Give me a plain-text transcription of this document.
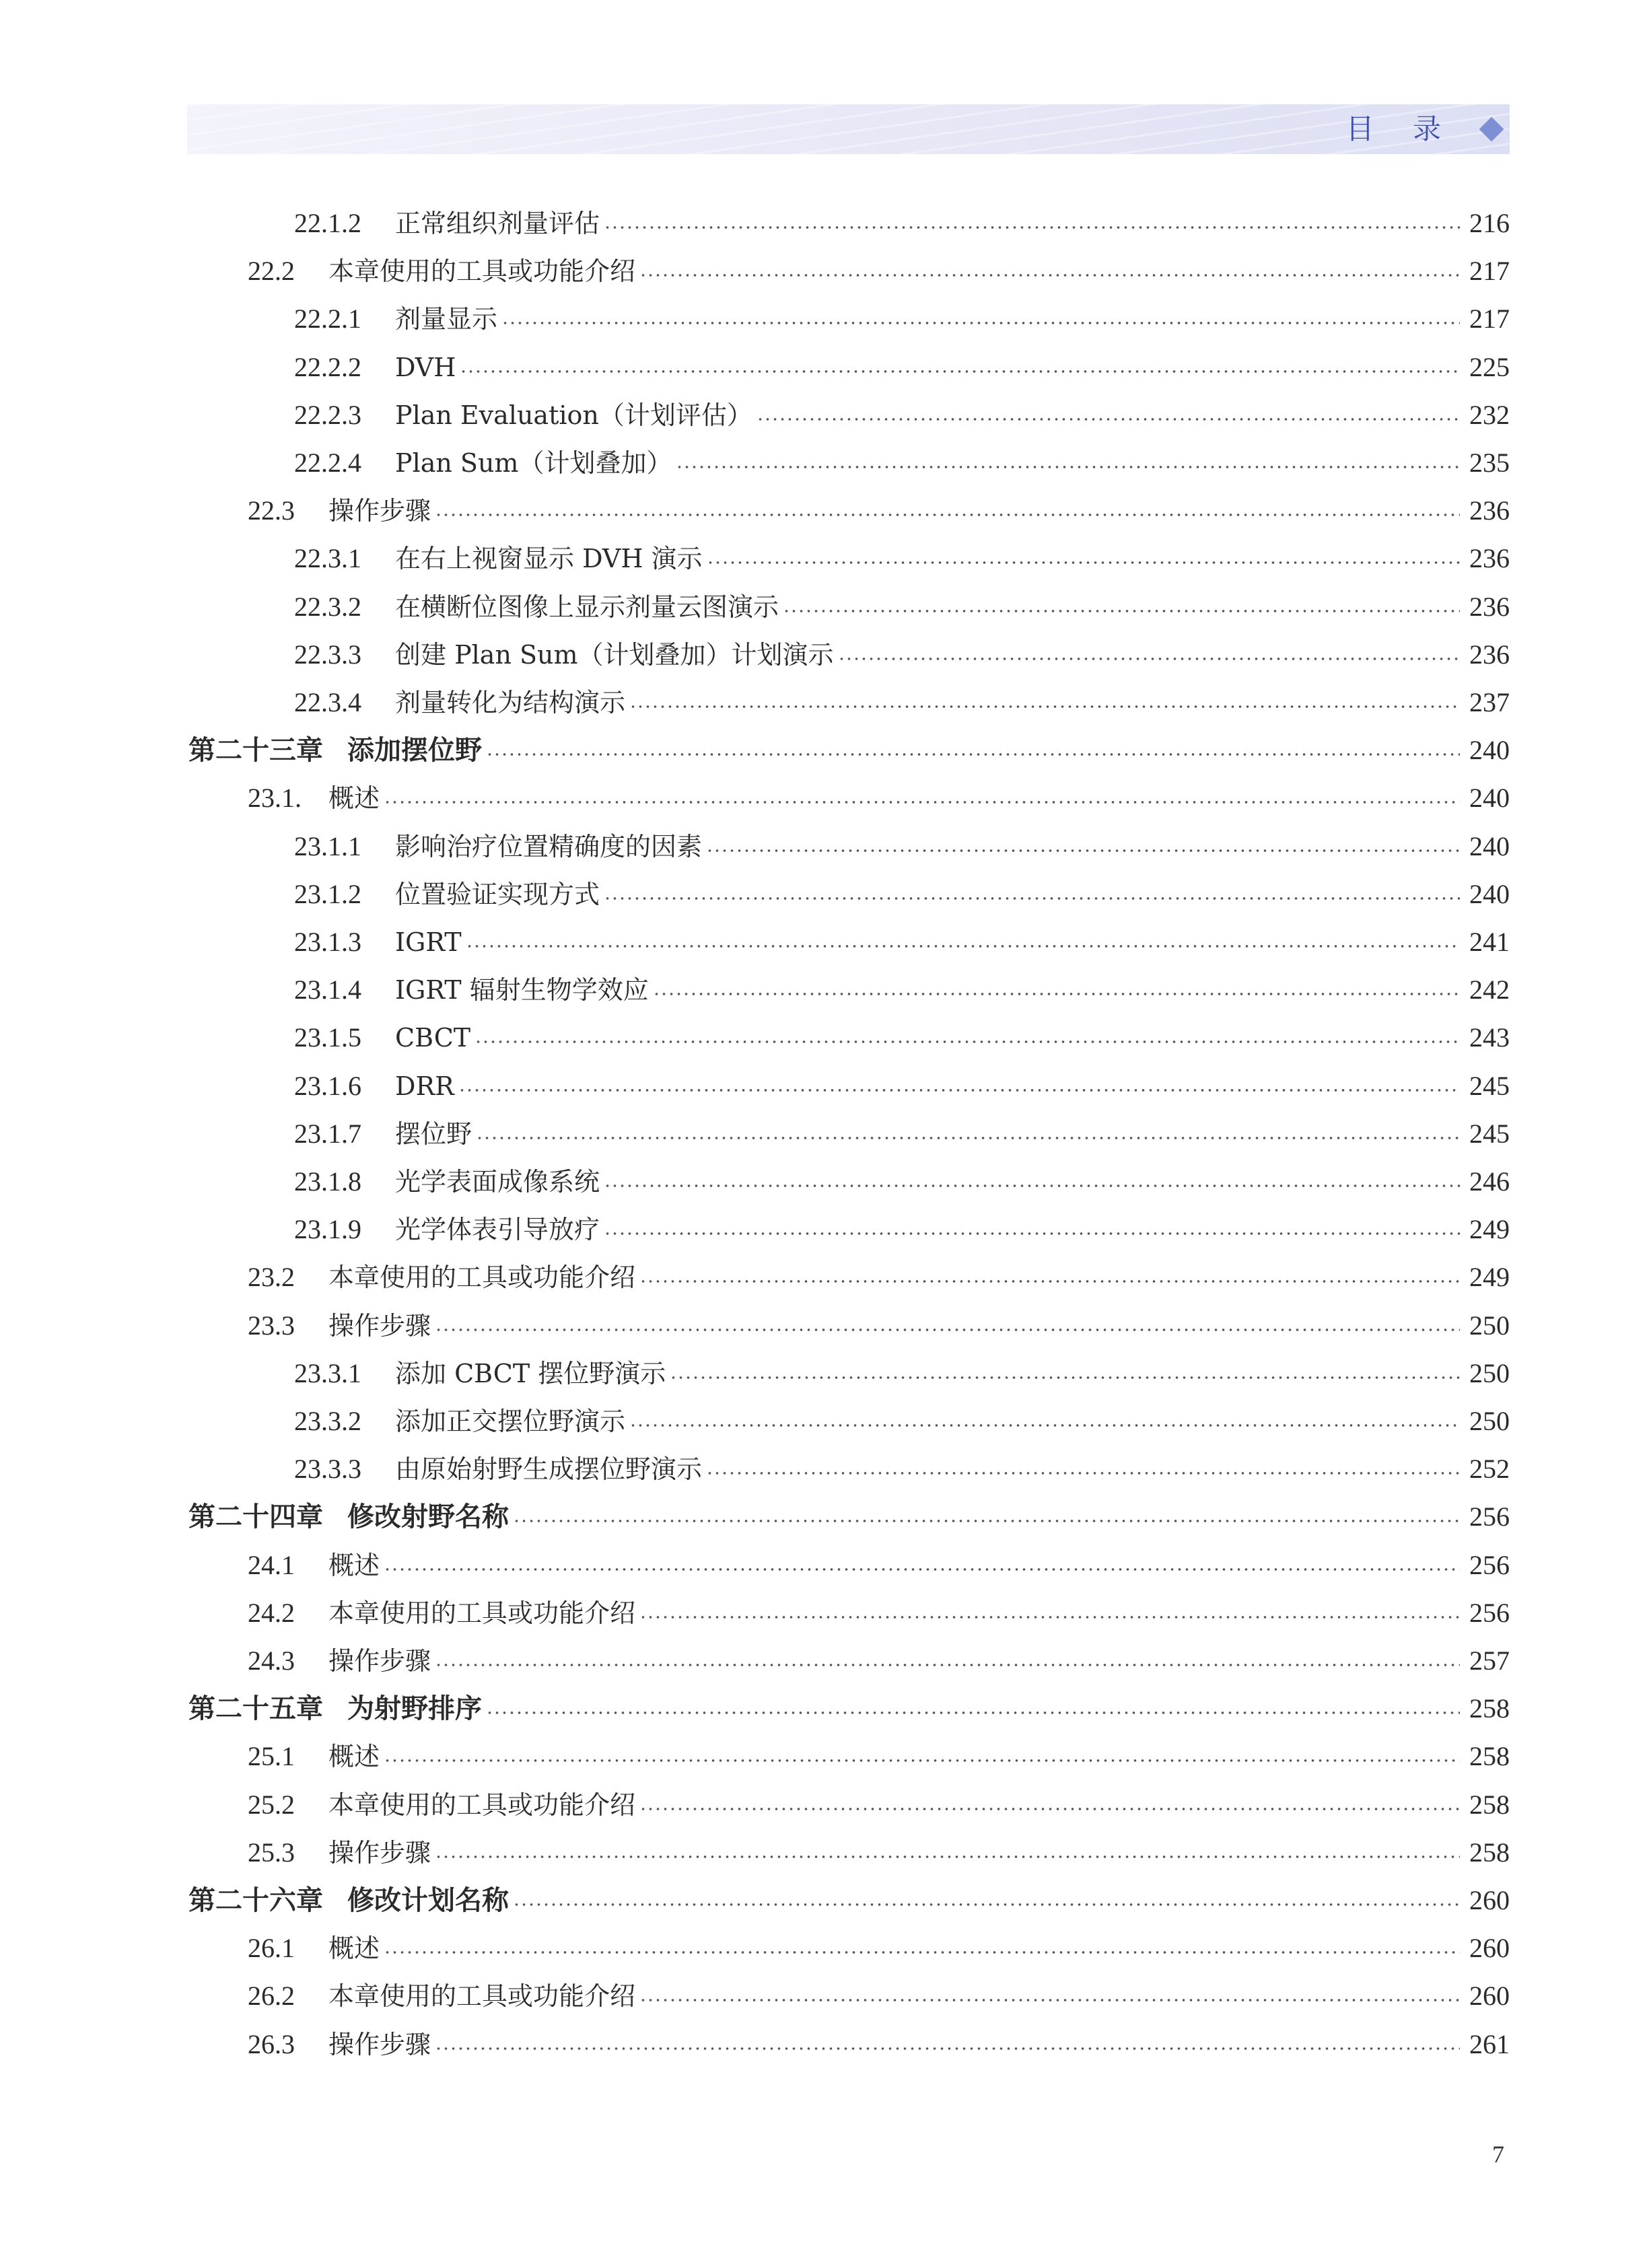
目 录
22.1.2	正常组织剂量评估	216
22.2	本章使用的工具或功能介绍	217
22.2.1	剂量显示	217
22.2.2	DVH	225
22.2.3	Plan Evaluation（计划评估）	232
22.2.4	Plan Sum（计划叠加）	235
22.3	操作步骤	236
22.3.1	在右上视窗显示 DVH 演示	236
22.3.2	在横断位图像上显示剂量云图演示	236
22.3.3	创建 Plan Sum（计划叠加）计划演示	236
22.3.4	剂量转化为结构演示	237
第二十三章 添加摆位野	240
23.1.	概述	240
23.1.1	影响治疗位置精确度的因素	240
23.1.2	位置验证实现方式	240
23.1.3	IGRT	241
23.1.4	IGRT 辐射生物学效应	242
23.1.5	CBCT	243
23.1.6	DRR	245
23.1.7	摆位野	245
23.1.8	光学表面成像系统	246
23.1.9	光学体表引导放疗	249
23.2	本章使用的工具或功能介绍	249
23.3	操作步骤	250
23.3.1	添加 CBCT 摆位野演示	250
23.3.2	添加正交摆位野演示	250
23.3.3	由原始射野生成摆位野演示	252
第二十四章 修改射野名称	256
24.1	概述	256
24.2	本章使用的工具或功能介绍	256
24.3	操作步骤	257
第二十五章 为射野排序	258
25.1	概述	258
25.2	本章使用的工具或功能介绍	258
25.3	操作步骤	258
第二十六章 修改计划名称	260
26.1	概述	260
26.2	本章使用的工具或功能介绍	260
26.3	操作步骤	261
7
